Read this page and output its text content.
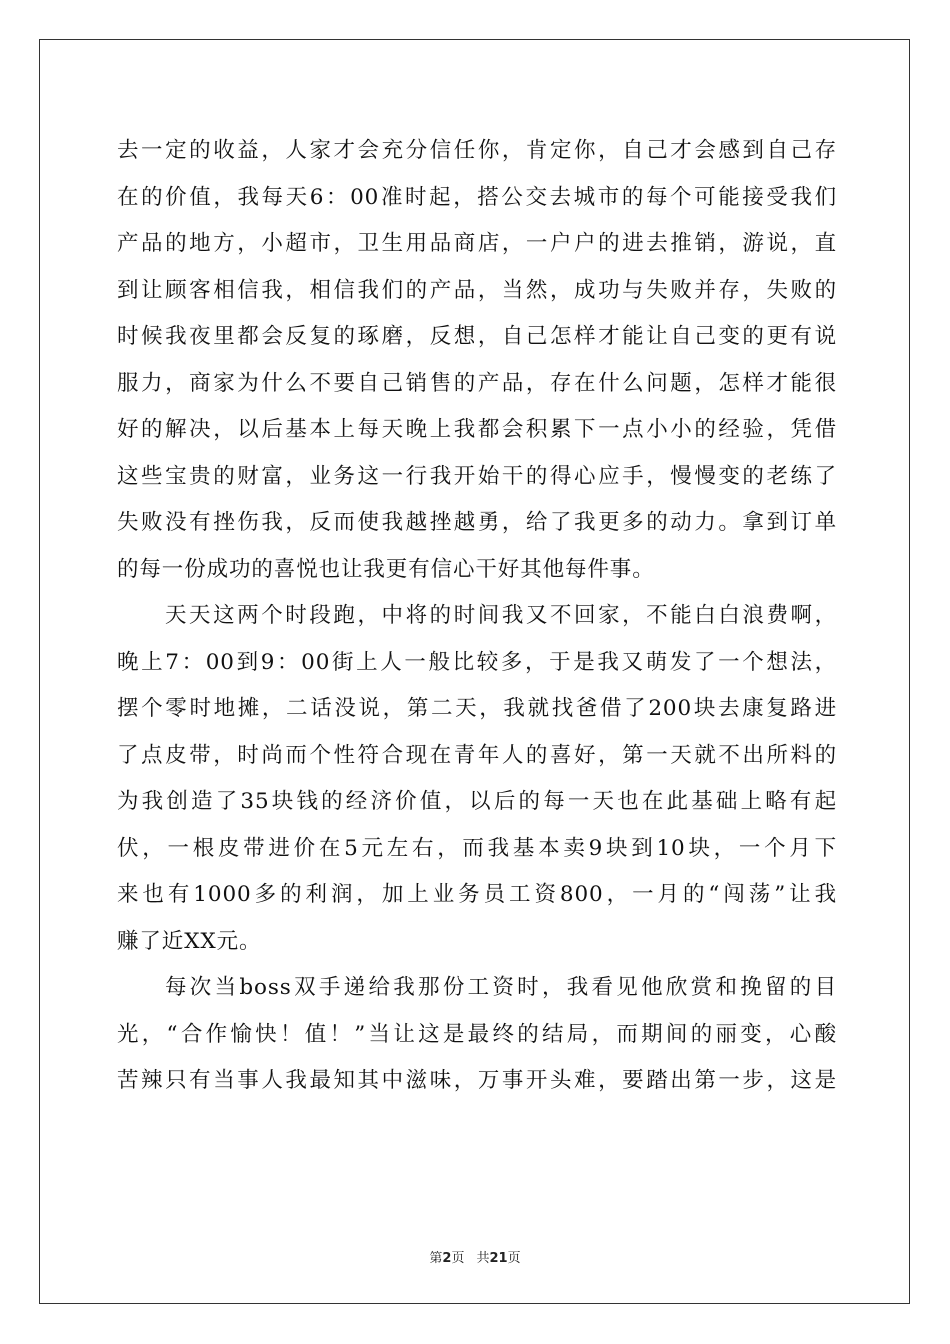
去一定的收益，人家才会充分信任你，肯定你，自己才会感到自己存
在的价值，我每天6：00准时起，搭公交去城市的每个可能接受我们
产品的地方，小超市，卫生用品商店，一户户的进去推销，游说，直
到让顾客相信我，相信我们的产品，当然，成功与失败并存，失败的
时候我夜里都会反复的琢磨，反想，自己怎样才能让自己变的更有说
服力，商家为什么不要自己销售的产品，存在什么问题，怎样才能很
好的解决，以后基本上每天晚上我都会积累下一点小小的经验，凭借
这些宝贵的财富，业务这一行我开始干的得心应手，慢慢变的老练了
失败没有挫伤我，反而使我越挫越勇，给了我更多的动力。拿到订单
的每一份成功的喜悦也让我更有信心干好其他每件事。
天天这两个时段跑，中将的时间我又不回家，不能白白浪费啊，
晚上7：00到9：00街上人一般比较多，于是我又萌发了一个想法，
摆个零时地摊，二话没说，第二天，我就找爸借了200块去康复路进
了点皮带，时尚而个性符合现在青年人的喜好，第一天就不出所料的
为我创造了35块钱的经济价值，以后的每一天也在此基础上略有起
伏，一根皮带进价在5元左右，而我基本卖9块到10块，一个月下
来也有1000多的利润，加上业务员工资800，一月的“闯荡”让我
赚了近XX元。
每次当boss双手递给我那份工资时，我看见他欣赏和挽留的目
光，“合作愉快！值！”当让这是最终的结局，而期间的丽变，心酸
苦辣只有当事人我最知其中滋味，万事开头难，要踏出第一步，这是
第2页 共21页
